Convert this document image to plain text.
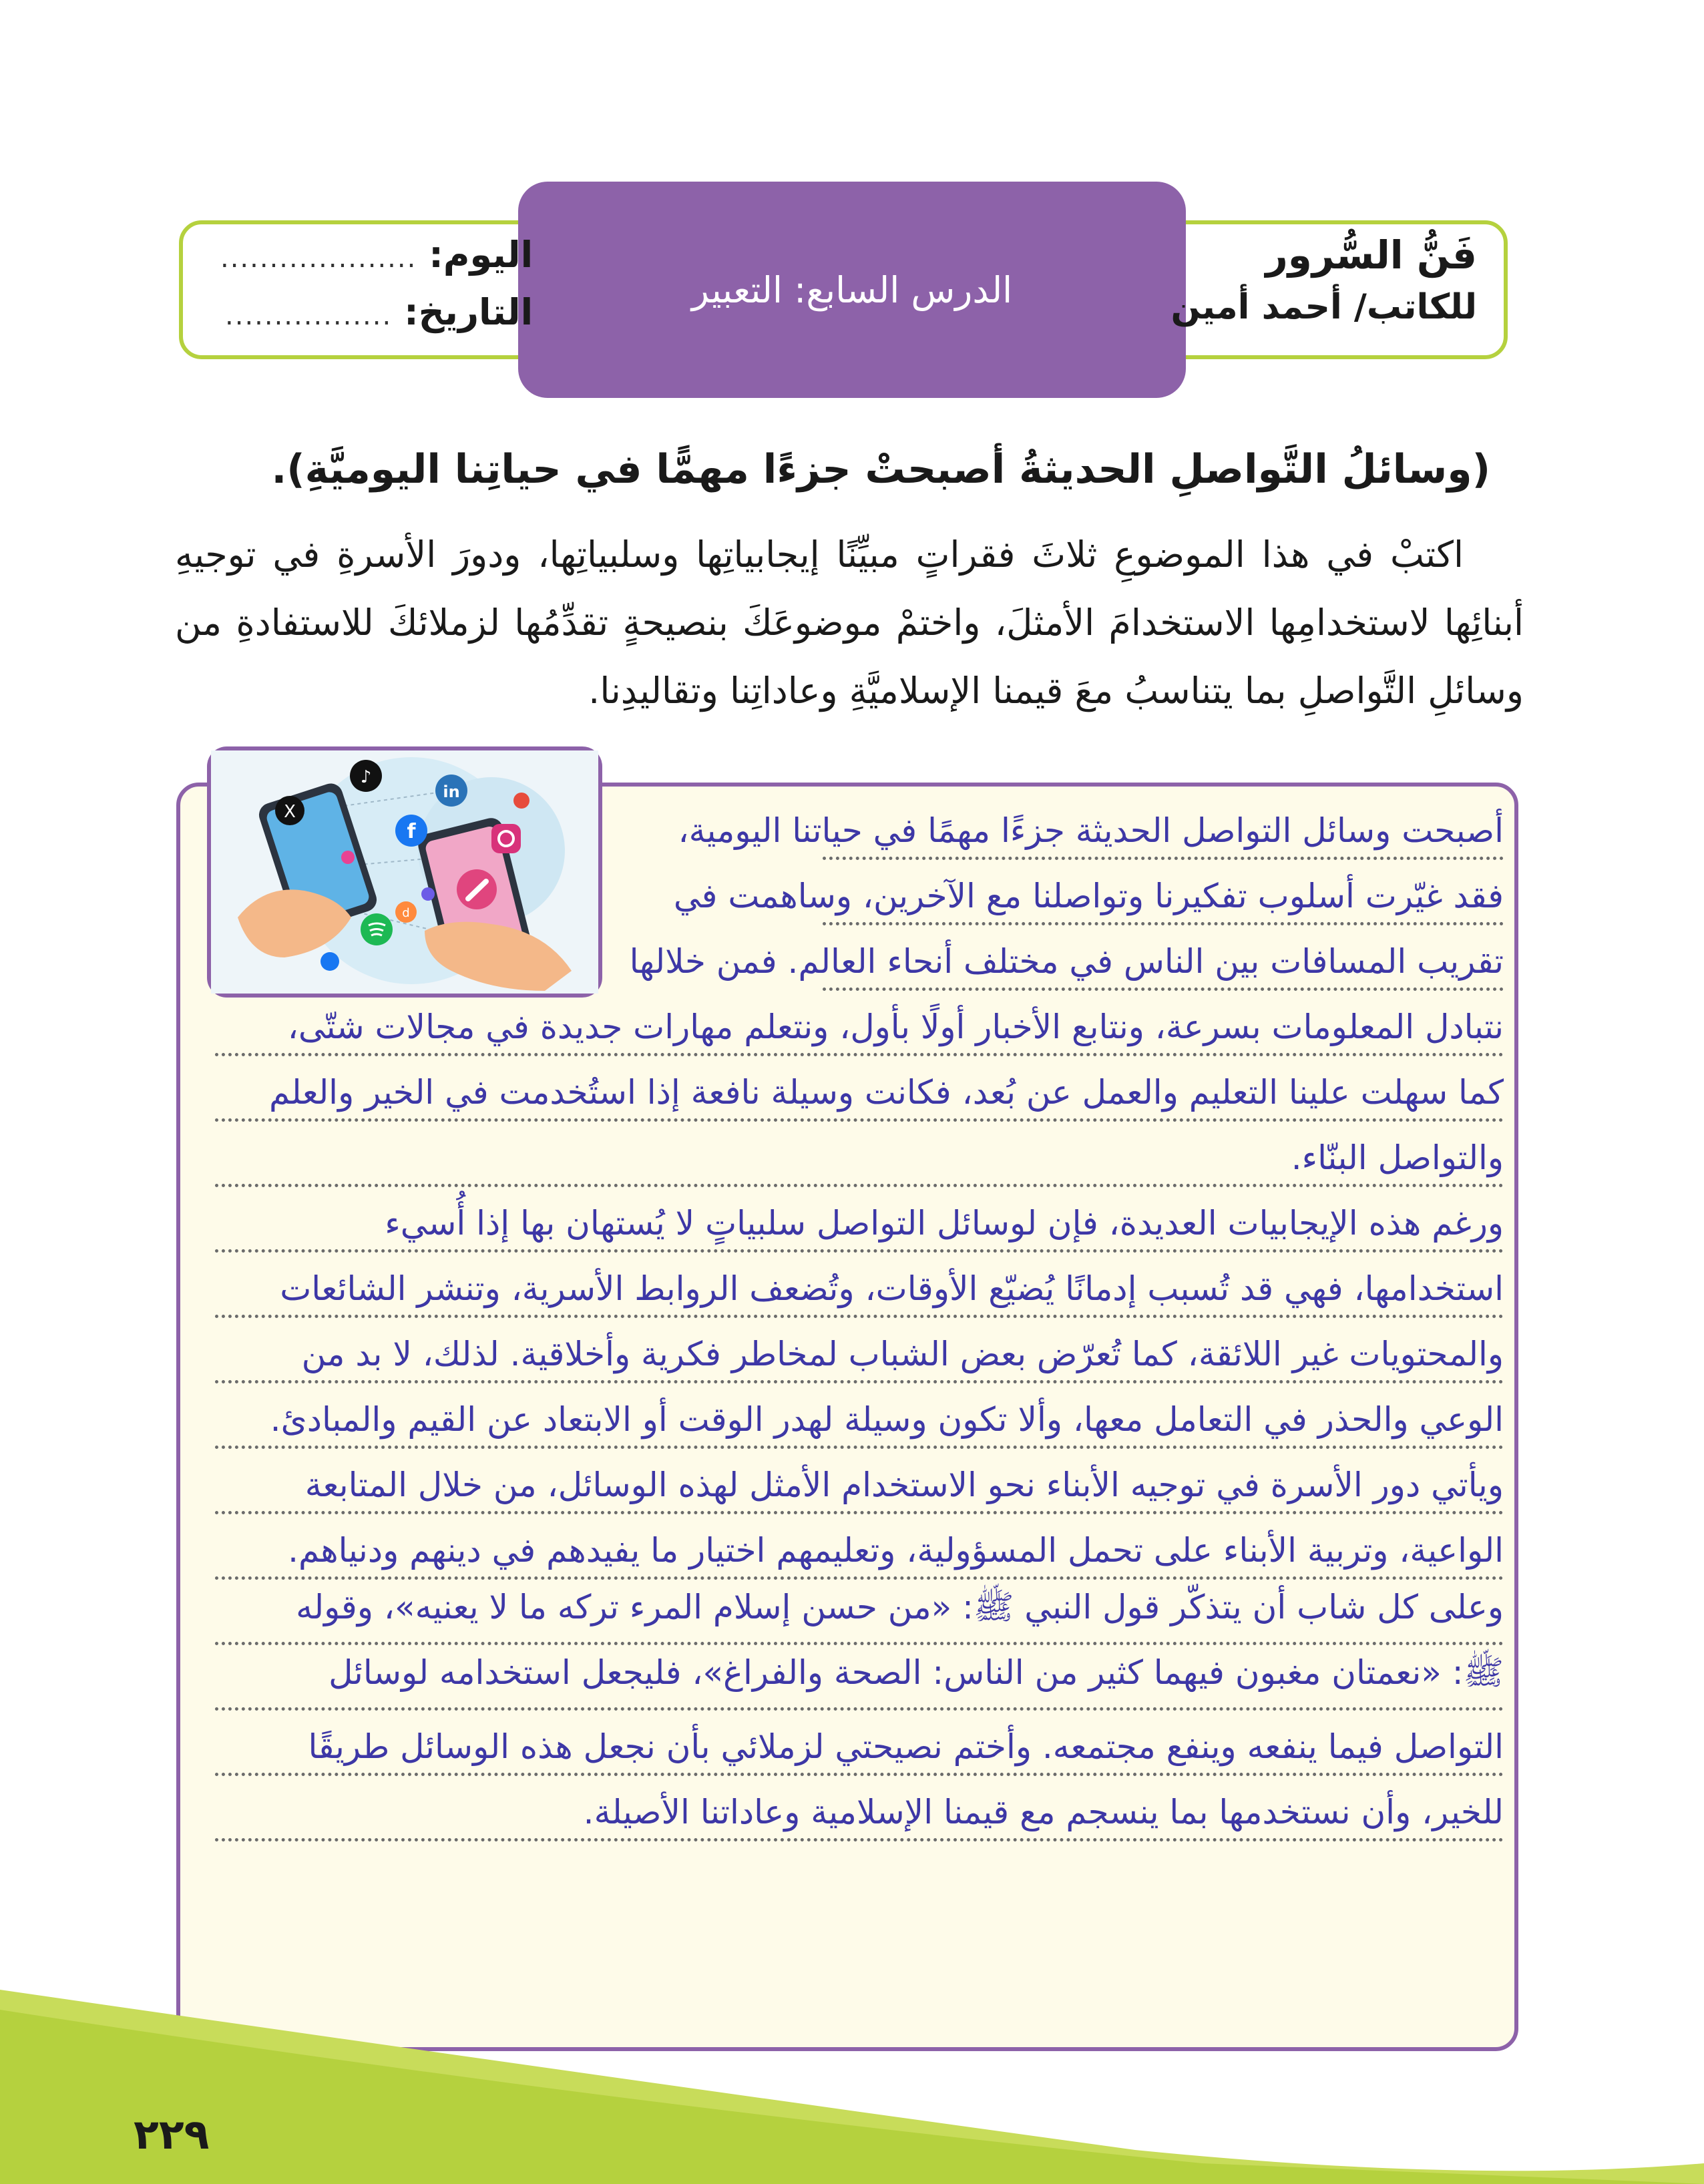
الدرس السابع: التعبير
فَنُّ السُّرور
للكاتب/ أحمد أمين
اليوم:
....................
التاريخ:
.................
(وسائلُ التَّواصلِ الحديثةُ أصبحتْ جزءًا مهمًّا في حياتِنا اليوميَّةِ).
اكتبْ في هذا الموضوعِ ثلاثَ فقراتٍ مبيِّنًا إيجابياتِها وسلبياتِها، ودورَ الأسرةِ في توجيهِ أبنائِها لاستخدامِها الاستخدامَ الأمثلَ، واختمْ موضوعَكَ بنصيحةٍ تقدِّمُها لزملائكَ للاستفادةِ من وسائلِ التَّواصلِ بما يتناسبُ معَ قيمنا الإسلاميَّةِ وعاداتِنا وتقاليدِنا.
♪
X
in
f
d
أصبحت وسائل التواصل الحديثة جزءًا مهمًا في حياتنا اليومية،
فقد غيّرت أسلوب تفكيرنا وتواصلنا مع الآخرين، وساهمت في
تقريب المسافات بين الناس في مختلف أنحاء العالم. فمن خلالها
نتبادل المعلومات بسرعة، ونتابع الأخبار أولًا بأول، ونتعلم مهارات جديدة في مجالات شتّى،
كما سهلت علينا التعليم والعمل عن بُعد، فكانت وسيلة نافعة إذا استُخدمت في الخير والعلم
والتواصل البنّاء.
ورغم هذه الإيجابيات العديدة، فإن لوسائل التواصل سلبياتٍ لا يُستهان بها إذا أُسيء
استخدامها، فهي قد تُسبب إدمانًا يُضيّع الأوقات، وتُضعف الروابط الأسرية، وتنشر الشائعات
والمحتويات غير اللائقة، كما تُعرّض بعض الشباب لمخاطر فكرية وأخلاقية. لذلك، لا بد من
الوعي والحذر في التعامل معها، وألا تكون وسيلة لهدر الوقت أو الابتعاد عن القيم والمبادئ.
ويأتي دور الأسرة في توجيه الأبناء نحو الاستخدام الأمثل لهذه الوسائل، من خلال المتابعة
الواعية، وتربية الأبناء على تحمل المسؤولية، وتعليمهم اختيار ما يفيدهم في دينهم ودنياهم.
وعلى كل شاب أن يتذكّر قول النبي ﷺ: «من حسن إسلام المرء تركه ما لا يعنيه»، وقوله
ﷺ: «نعمتان مغبون فيهما كثير من الناس: الصحة والفراغ»، فليجعل استخدامه لوسائل
التواصل فيما ينفعه وينفع مجتمعه. وأختم نصيحتي لزملائي بأن نجعل هذه الوسائل طريقًا
للخير، وأن نستخدمها بما ينسجم مع قيمنا الإسلامية وعاداتنا الأصيلة.
٢٢٩
